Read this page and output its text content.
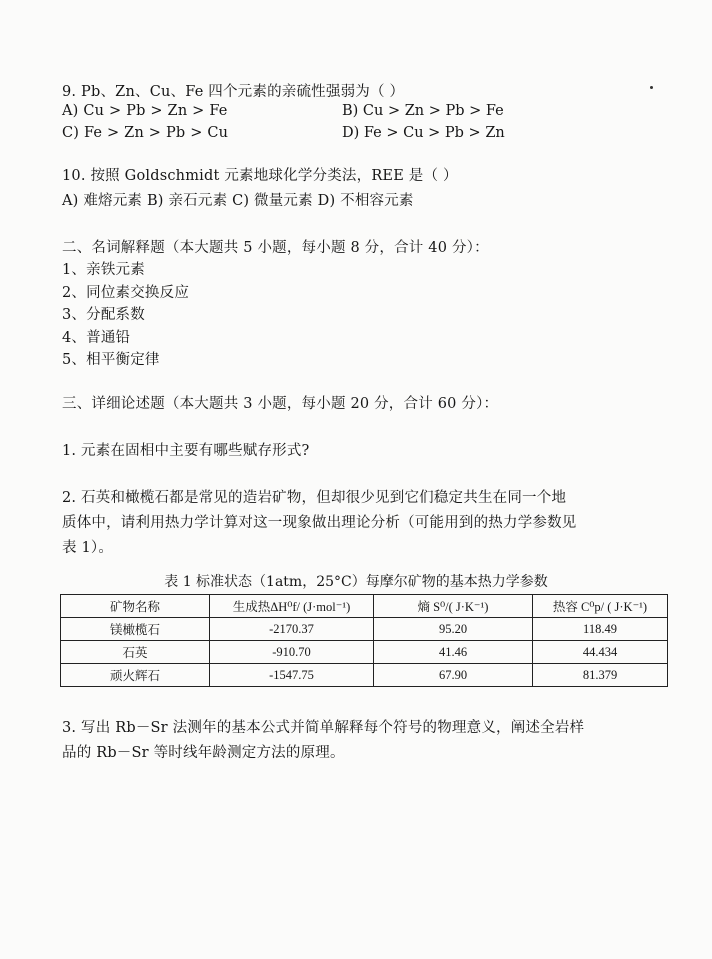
9. Pb、Zn、Cu、Fe 四个元素的亲硫性强弱为（ ）
A) Cu > Pb > Zn > Fe	B) Cu > Zn > Pb > Fe
C) Fe > Zn > Pb > Cu	D) Fe > Cu > Pb > Zn
10. 按照 Goldschmidt 元素地球化学分类法，REE 是（ ）
A) 难熔元素 B) 亲石元素 C) 微量元素 D) 不相容元素
二、名词解释题（本大题共 5 小题，每小题 8 分，合计 40 分）：
1、亲铁元素
2、同位素交换反应
3、分配系数
4、普通铅
5、相平衡定律
三、详细论述题（本大题共 3 小题，每小题 20 分，合计 60 分）：
1. 元素在固相中主要有哪些赋存形式?
2. 石英和橄榄石都是常见的造岩矿物，但却很少见到它们稳定共生在同一个地
质体中，请利用热力学计算对这一现象做出理论分析（可能用到的热力学参数见
表 1）。
表 1 标准状态（1atm，25°C）每摩尔矿物的基本热力学参数
矿物名称	生成热ΔH⁰f/ (J·mol⁻¹)	熵 S⁰/( J·K⁻¹)	热容 C⁰p/ ( J·K⁻¹)
镁橄榄石	-2170.37	95.20	118.49
石英	-910.70	41.46	44.434
顽火辉石	-1547.75	67.90	81.379
3. 写出 Rb－Sr 法测年的基本公式并简单解释每个符号的物理意义，阐述全岩样
品的 Rb－Sr 等时线年龄测定方法的原理。
